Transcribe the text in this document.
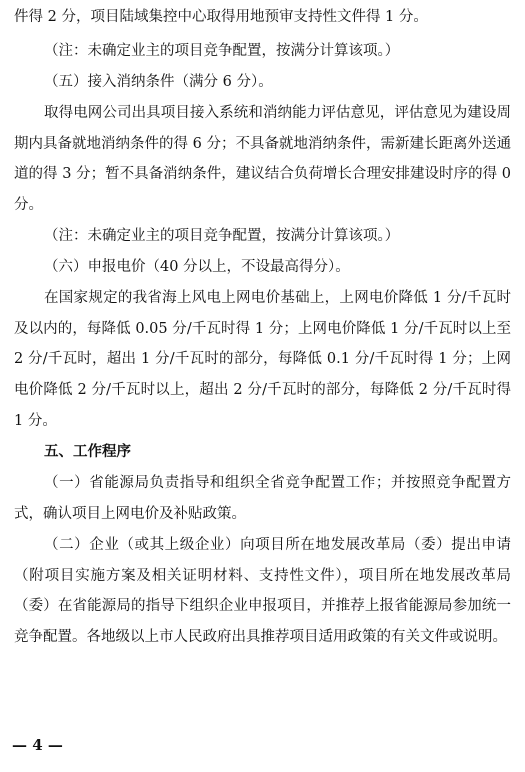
件得 2 分，项目陆域集控中心取得用地预审支持性文件得 1 分。

（注：未确定业主的项目竞争配置，按满分计算该项。）

（五）接入消纳条件（满分 6 分）。

取得电网公司出具项目接入系统和消纳能力评估意见，评估意见为建设周期内具备就地消纳条件的得 6 分；不具备就地消纳条件，需新建长距离外送通道的得 3 分；暂不具备消纳条件，建议结合负荷增长合理安排建设时序的得 0 分。

（注：未确定业主的项目竞争配置，按满分计算该项。）

（六）申报电价（40 分以上，不设最高得分）。

在国家规定的我省海上风电上网电价基础上，上网电价降低 1 分/千瓦时及以内的，每降低 0.05 分/千瓦时得 1 分；上网电价降低 1 分/千瓦时以上至 2 分/千瓦时，超出 1 分/千瓦时的部分，每降低 0.1 分/千瓦时得 1 分；上网电价降低 2 分/千瓦时以上，超出 2 分/千瓦时的部分，每降低 2 分/千瓦时得 1 分。

五、工作程序

（一）省能源局负责指导和组织全省竞争配置工作；并按照竞争配置方式，确认项目上网电价及补贴政策。

（二）企业（或其上级企业）向项目所在地发展改革局（委）提出申请（附项目实施方案及相关证明材料、支持性文件），项目所在地发展改革局（委）在省能源局的指导下组织企业申报项目，并推荐上报省能源局参加统一竞争配置。各地级以上市人民政府出具推荐项目适用政策的有关文件或说明。

— 4 —
